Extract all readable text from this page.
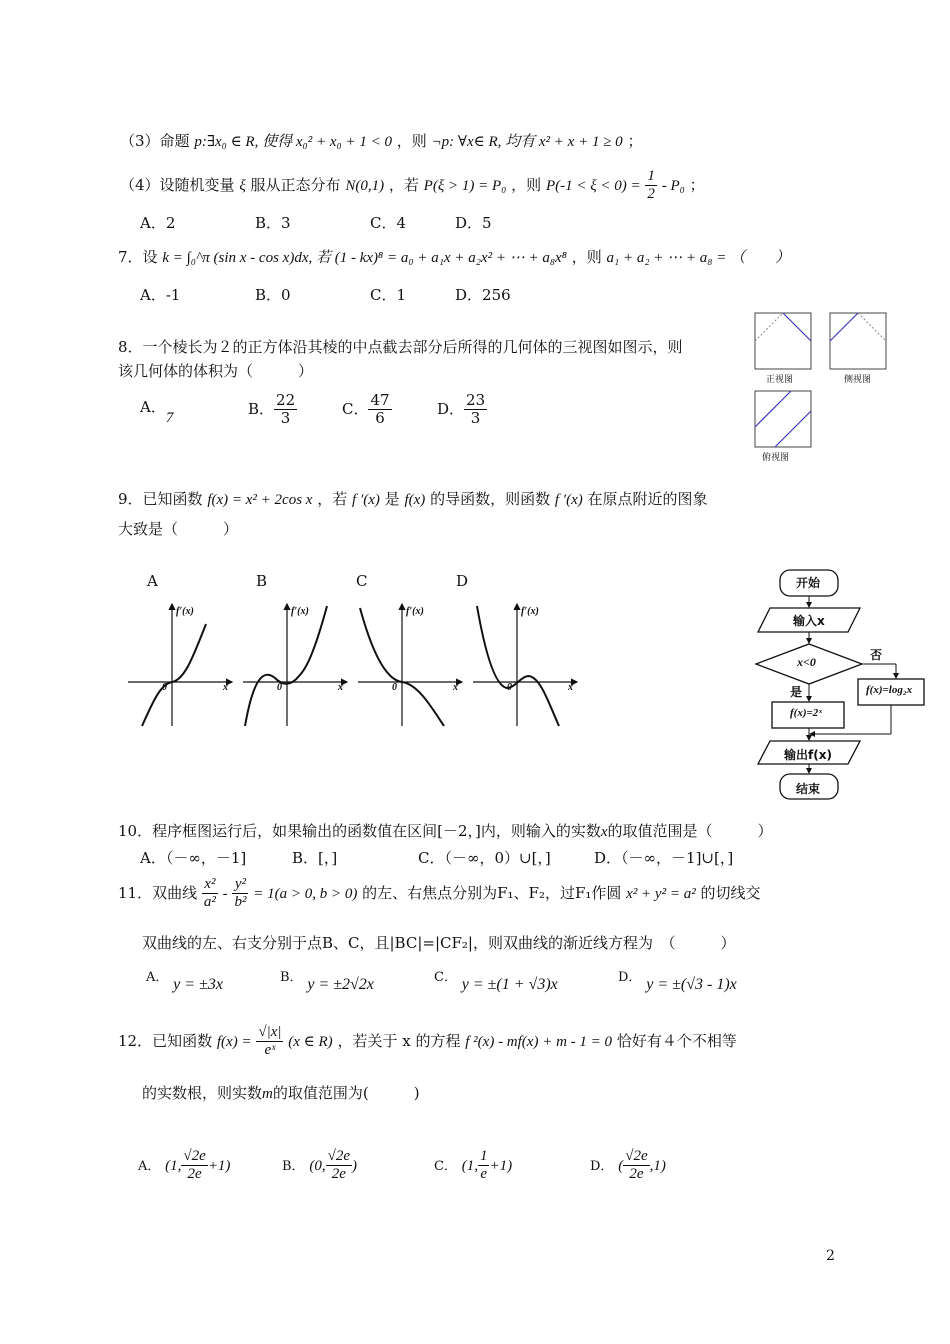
（3）命题 p:∃x₀ ∈ R, 使得 x₀² + x₀ + 1 < 0 ，则 ¬p: ∀x∈ R, 均有 x² + x + 1 ≥ 0 ；
（4）设随机变量 ξ 服从正态分布 N(0,1) ，若 P(ξ > 1) = P₀ ，则 $P(-1 < \xi < 0) = \frac{1}{2} - P_0$ ；
A．2	B．3	C．4	D．5
7．设 k = ∫₀^π (sin x - cos x)dx, 若 (1 - kx)⁸ = a₀ + a₁x + a₂x² + ⋯ + a₈x⁸ ，则 a₁ + a₂ + ⋯ + a₈ = （　　）
A．-1	B．0	C．1	D．256
8．一个棱长为２的正方体沿其棱的中点截去部分后所得的几何体的三视图如图示，则
该几何体的体积为（　　　）
A．7
B． $\frac{22}{3}$	C． $\frac{47}{6}$	D． $\frac{23}{3}$
正视图	侧视图
俯视图
9．已知函数 f(x) = x² + 2cos x ，若 f ′(x) 是 f(x) 的导函数，则函数 f ′(x) 在原点附近的图象
大致是（　　　）
A	B	C	D
f′(x)
x
0
f′(x)
x
0
f′(x)
x
0
f′(x)
x
0
开始
输入x
x<0	否
是	f(x)=log₂x
f(x)=2ˣ
输出f(x)
结束
10．程序框图运行后，如果输出的函数值在区间[－2，]内，则输入的实数x的取值范围是（　　　）
A．（－∞，－1]	B．[，]	C．（－∞，0）∪[，]	D．（－∞，－1]∪[，]
11．双曲线 $\frac{\text{x²}}{\text{a²}} - \frac{\text{y²}}{\text{b²}} = 1(a > 0$, b > 0) 的左、右焦点分别为F₁、F₂，过F₁作圆 x² + y² = a² 的切线交
双曲线的左、右支分别于点B、C，且|BC|=|CF₂|，则双曲线的渐近线方程为　（　　　）
A． y = ±3x	B． y = ±2√2x	C． y = ±(1 + √3)x	D． y = ±(√3 - 1)x
12．已知函数 $f(x) = \frac{√|x|}{\text{eˣ}} (x$ ∈ R) ，若关于 x 的方程 f ²(x) - mf(x) + m - 1 = 0 恰好有４个不相等
的实数根，则实数m的取值范围为(　　　)
A． (1, $\frac{√2e}{2e} +1$)	B． (0, $\frac{√2e}{2e}$ )	C． (1, $\frac{1}{e} +1$)	D． ( $\frac{√2e}{2e} ,1$)
2
